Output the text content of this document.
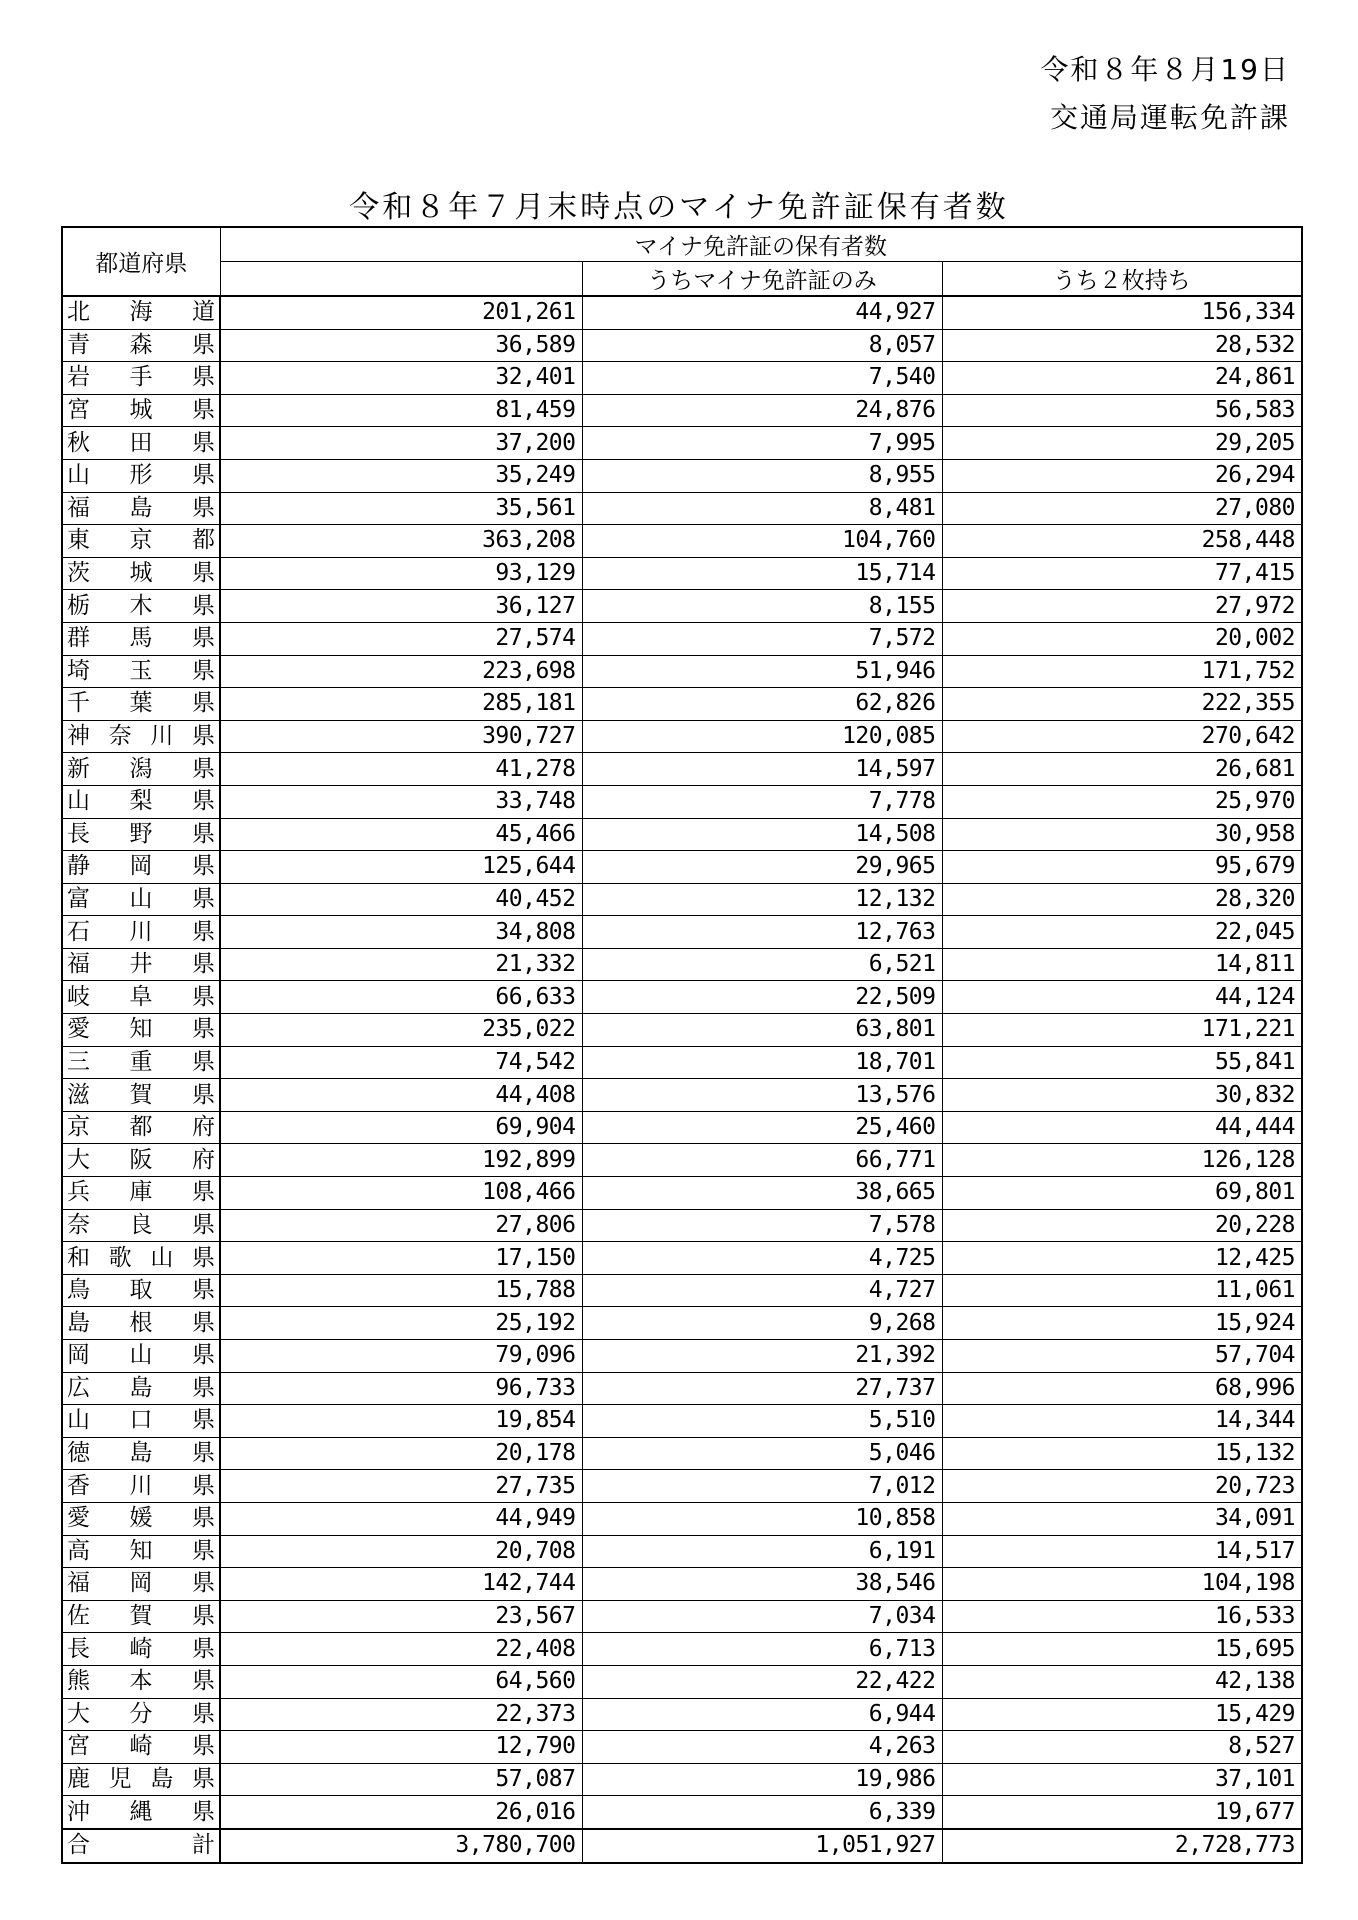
令和８年８月19日
交通局運転免許課
令和８年７月末時点のマイナ免許証保有者数
都道府県	マイナ免許証の保有者数		
		うちマイナ免許証のみ	うち２枚持ち

北 海 道	201,261	44,927	156,334

青 森 県	36,589	8,057	28,532

岩 手 県	32,401	7,540	24,861

宮 城 県	81,459	24,876	56,583

秋 田 県	37,200	7,995	29,205

山 形 県	35,249	8,955	26,294

福 島 県	35,561	8,481	27,080

東 京 都	363,208	104,760	258,448

茨 城 県	93,129	15,714	77,415

栃 木 県	36,127	8,155	27,972

群 馬 県	27,574	7,572	20,002

埼 玉 県	223,698	51,946	171,752

千 葉 県	285,181	62,826	222,355

神 奈 川 県	390,727	120,085	270,642

新 潟 県	41,278	14,597	26,681

山 梨 県	33,748	7,778	25,970

長 野 県	45,466	14,508	30,958

静 岡 県	125,644	29,965	95,679

富 山 県	40,452	12,132	28,320

石 川 県	34,808	12,763	22,045

福 井 県	21,332	6,521	14,811

岐 阜 県	66,633	22,509	44,124

愛 知 県	235,022	63,801	171,221

三 重 県	74,542	18,701	55,841

滋 賀 県	44,408	13,576	30,832

京 都 府	69,904	25,460	44,444

大 阪 府	192,899	66,771	126,128

兵 庫 県	108,466	38,665	69,801

奈 良 県	27,806	7,578	20,228

和 歌 山 県	17,150	4,725	12,425

鳥 取 県	15,788	4,727	11,061

島 根 県	25,192	9,268	15,924

岡 山 県	79,096	21,392	57,704

広 島 県	96,733	27,737	68,996

山 口 県	19,854	5,510	14,344

徳 島 県	20,178	5,046	15,132

香 川 県	27,735	7,012	20,723

愛 媛 県	44,949	10,858	34,091

高 知 県	20,708	6,191	14,517

福 岡 県	142,744	38,546	104,198

佐 賀 県	23,567	7,034	16,533

長 崎 県	22,408	6,713	15,695

熊 本 県	64,560	22,422	42,138

大 分 県	22,373	6,944	15,429

宮 崎 県	12,790	4,263	8,527

鹿 児 島 県	57,087	19,986	37,101

沖 縄 県	26,016	6,339	19,677

合 計	3,780,700	1,051,927	2,728,773
